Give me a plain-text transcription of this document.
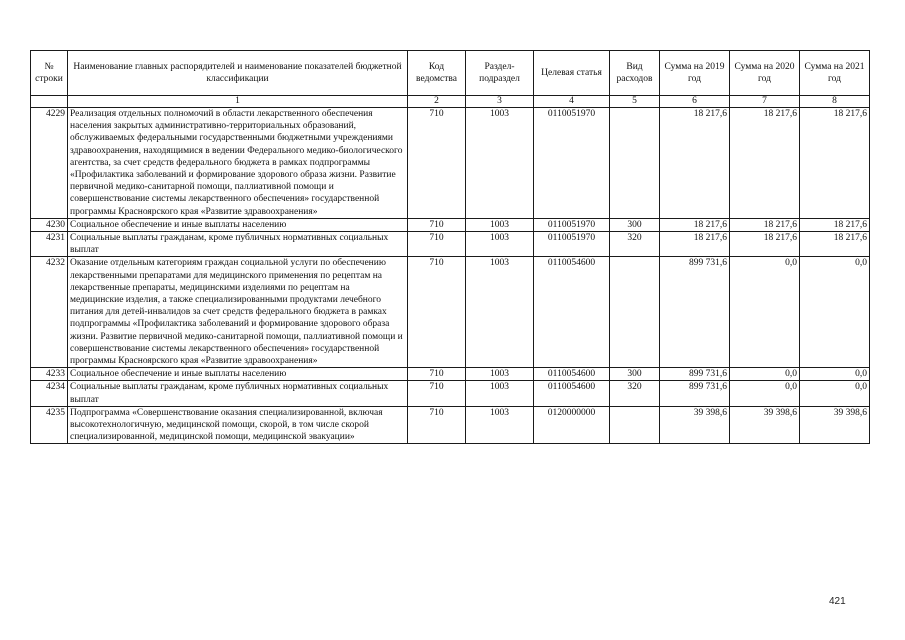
№ строки	Наименование главных распорядителей и наименование показателей бюджетной классификации	Код ведомства	Раздел-подраздел	Целевая статья	Вид расходов	Сумма на 2019 год	Сумма на 2020 год	Сумма на 2021 год
	1	2	3	4	5	6	7	8
4229	Реализация отдельных полномочий в области лекарственного обеспечения населения закрытых административно-территориальных образований, обслуживаемых федеральными государственными бюджетными учреждениями здравоохранения, находящимися в ведении Федерального медико-биологического агентства, за счет средств федерального бюджета в рамках подпрограммы «Профилактика заболеваний и формирование здорового образа жизни. Развитие первичной медико-санитарной помощи, паллиативной помощи и совершенствование системы лекарственного обеспечения» государственной программы Красноярского края «Развитие здравоохранения»	710	1003	0110051970		18 217,6	18 217,6	18 217,6
4230	Социальное обеспечение и иные выплаты населению	710	1003	0110051970	300	18 217,6	18 217,6	18 217,6
4231	Социальные выплаты гражданам, кроме публичных нормативных социальных выплат	710	1003	0110051970	320	18 217,6	18 217,6	18 217,6
4232	Оказание отдельным категориям граждан социальной услуги по обеспечению лекарственными препаратами для медицинского применения по рецептам на лекарственные препараты, медицинскими изделиями по рецептам на медицинские изделия, а также специализированными продуктами лечебного питания для детей-инвалидов за счет средств федерального бюджета в рамках подпрограммы «Профилактика заболеваний и формирование здорового образа жизни. Развитие первичной медико-санитарной помощи, паллиативной помощи и совершенствование системы лекарственного обеспечения» государственной программы Красноярского края «Развитие здравоохранения»	710	1003	0110054600		899 731,6	0,0	0,0
4233	Социальное обеспечение и иные выплаты населению	710	1003	0110054600	300	899 731,6	0,0	0,0
4234	Социальные выплаты гражданам, кроме публичных нормативных социальных выплат	710	1003	0110054600	320	899 731,6	0,0	0,0
4235	Подпрограмма «Совершенствование оказания специализированной, включая высокотехнологичную, медицинской помощи, скорой, в том числе скорой специализированной, медицинской помощи, медицинской эвакуации»	710	1003	0120000000		39 398,6	39 398,6	39 398,6
421
